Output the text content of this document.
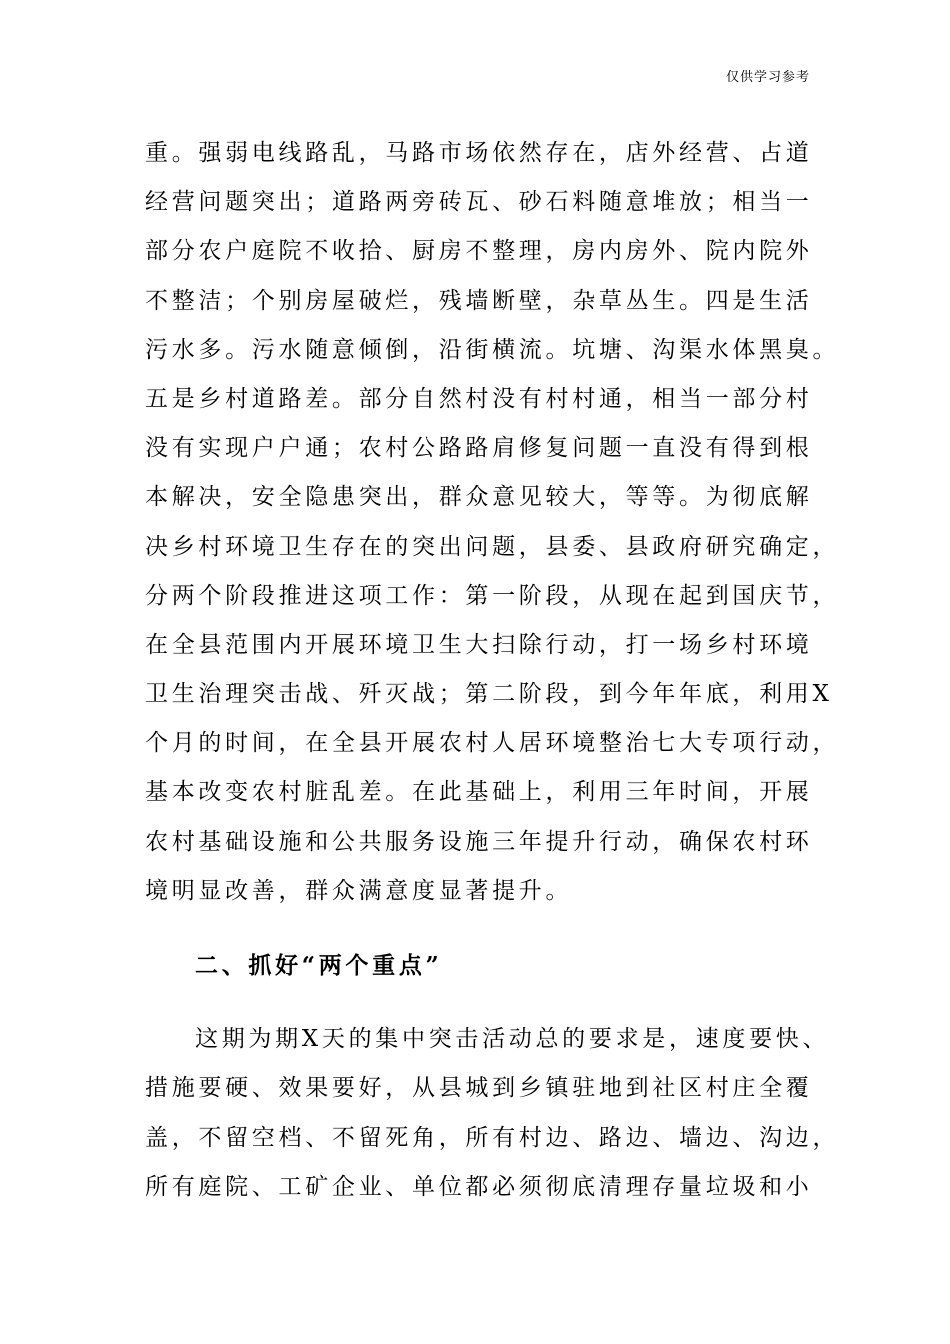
仅供学习参考
重。强弱电线路乱，马路市场依然存在，店外经营、占道
经营问题突出；道路两旁砖瓦、砂石料随意堆放；相当一
部分农户庭院不收拾、厨房不整理，房内房外、院内院外
不整洁；个别房屋破烂，残墙断壁，杂草丛生。四是生活
污水多。污水随意倾倒，沿街横流。坑塘、沟渠水体黑臭。
五是乡村道路差。部分自然村没有村村通，相当一部分村
没有实现户户通；农村公路路肩修复问题一直没有得到根
本解决，安全隐患突出，群众意见较大，等等。为彻底解
决乡村环境卫生存在的突出问题，县委、县政府研究确定，
分两个阶段推进这项工作：第一阶段，从现在起到国庆节，
在全县范围内开展环境卫生大扫除行动，打一场乡村环境
卫生治理突击战、歼灭战；第二阶段，到今年年底，利用X
个月的时间，在全县开展农村人居环境整治七大专项行动，
基本改变农村脏乱差。在此基础上，利用三年时间，开展
农村基础设施和公共服务设施三年提升行动，确保农村环
境明显改善，群众满意度显著提升。
二、抓好“两个重点”
这期为期X天的集中突击活动总的要求是，速度要快、
措施要硬、效果要好，从县城到乡镇驻地到社区村庄全覆
盖，不留空档、不留死角，所有村边、路边、墙边、沟边，
所有庭院、工矿企业、单位都必须彻底清理存量垃圾和小
